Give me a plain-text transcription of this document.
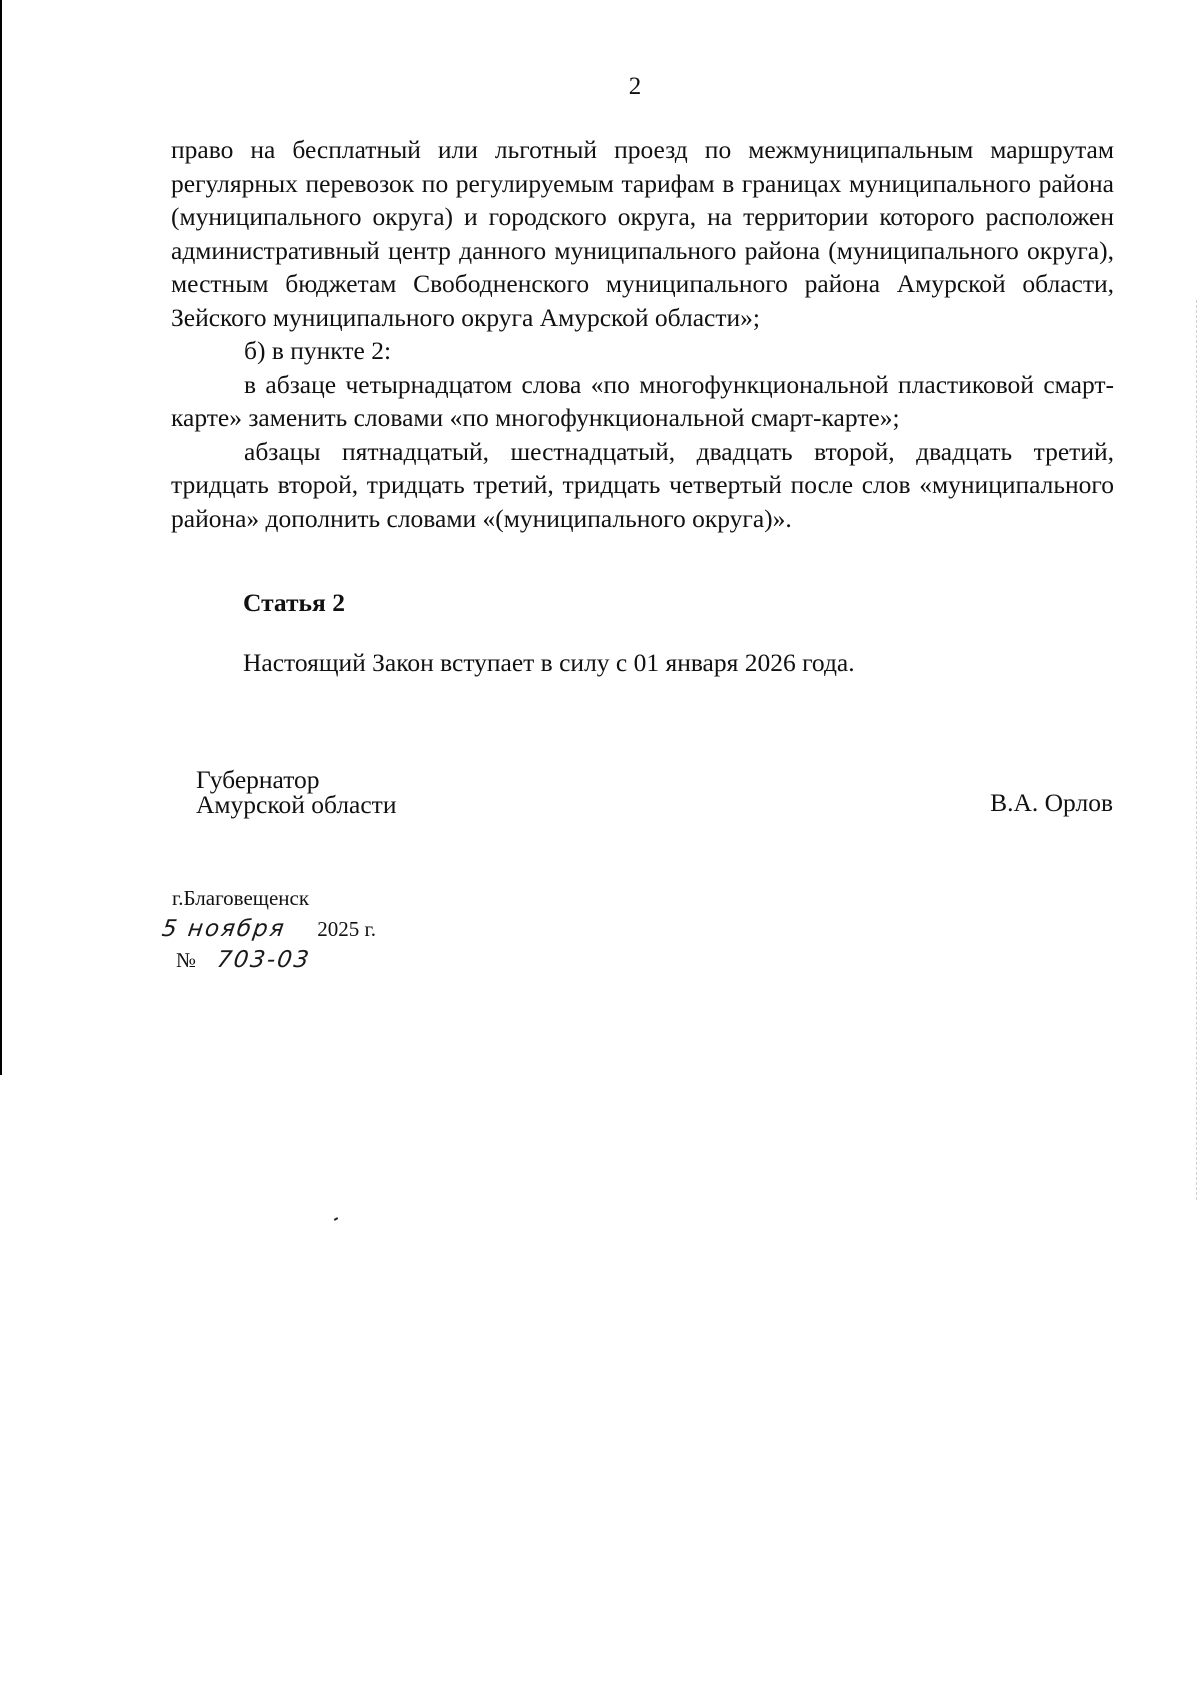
2

право на бесплатный или льготный проезд по межмуниципальным маршрутам регулярных перевозок по регулируемым тарифам в границах муниципального района (муниципального округа) и городского округа, на территории которого расположен административный центр данного муниципального района (муниципального округа), местным бюджетам Свободненского муниципального района Амурской области, Зейского муниципального округа Амурской области»;

б) в пункте 2:

в абзаце четырнадцатом слова «по многофункциональной пластиковой смарт-карте» заменить словами «по многофункциональной смарт-карте»;

абзацы пятнадцатый, шестнадцатый, двадцать второй, двадцать третий, тридцать второй, тридцать третий, тридцать четвертый после слов «муниципального района» дополнить словами «(муниципального округа)».

Статья 2

Настоящий Закон вступает в силу с 01 января 2026 года.

Губернатор
Амурской области	В.А. Орлов
г.Благовещенск
5 ноября 2025 г.
№ 703-03
